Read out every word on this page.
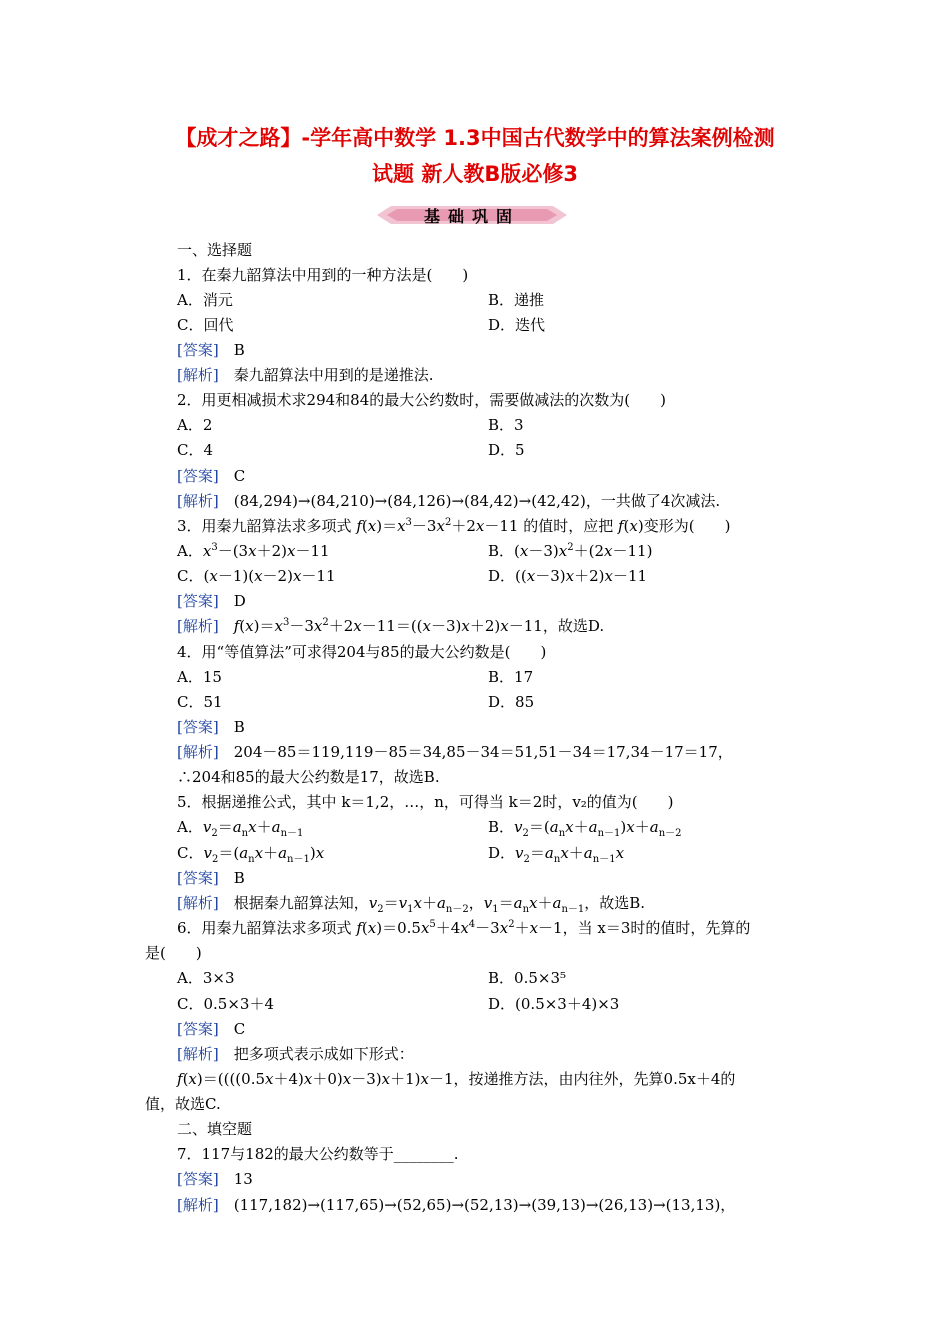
【成才之路】-学年高中数学 1.3中国古代数学中的算法案例检测
试题 新人教B版必修3
基础巩固
一、选择题
1．在秦九韶算法中用到的一种方法是(　　)
A．消元	B．递推
C．回代	D．迭代
[答案]　 B
[解析]　 秦九韶算法中用到的是递推法.
2．用更相减损术求294和84的最大公约数时，需要做减法的次数为(　　)
A．2	B．3
C．4	D．5
[答案]　 C
[解析]　 (84,294)→(84,210)→(84,126)→(84,42)→(42,42)，一共做了4次减法.
3．用秦九韶算法求多项式 $f(x)=x^3-3x^2+2x-11$ 的值时，应把 f(x)变形为(　　)
A．$x^3-(3x+2)x-11$	B．$(x-3)x^2+(2x-11)$
C．(x－1)(x－2)x－11	D．((x－3)x＋2)x－11
[答案]　 D
[解析]　 $f(x)=x^3-3x^2+2x-11=((x-3)x+2)x-11$，故选D.
4．用“等值算法”可求得204与85的最大公约数是(　　)
A．15	B．17
C．51	D．85
[答案]　 B
[解析]　 204－85＝119,119－85＝34,85－34＝51,51－34＝17,34－17＝17，
∴204和85的最大公约数是17，故选B.
5．根据递推公式，其中 k＝1,2，…，n，可得当 k＝2时，v₂的值为(　　)
A．$v_2=a_nx+a_{n-1}$	B．$v_2=(a_nx+a_{n-1})x+a_{n-2}$
C．$v_2=(a_nx+a_{n-1})x$	D．$v_2=a_nx+a_{n-1}x$
[答案]　 B
[解析]　 根据秦九韶算法知，$v_2=v_1x+a_{n-2}$，$v_1=a_nx+a_{n-1}$，故选B.
6．用秦九韶算法求多项式 $f(x)=0.5x^5+4x^4-3x^2+x-1$，当 x＝3时的值时，先算的
是(　　)
A．3×3	B．0.5×3⁵
C．0.5×3＋4	D．(0.5×3＋4)×3
[答案]　 C
[解析]　 把多项式表示成如下形式：
f(x)＝((((0.5x＋4)x＋0)x－3)x＋1)x－1，按递推方法，由内往外，先算0.5x＋4的
值，故选C.
二、填空题
7．117与182的最大公约数等于________.
[答案]　 13
[解析]　 (117,182)→(117,65)→(52,65)→(52,13)→(39,13)→(26,13)→(13,13)，
